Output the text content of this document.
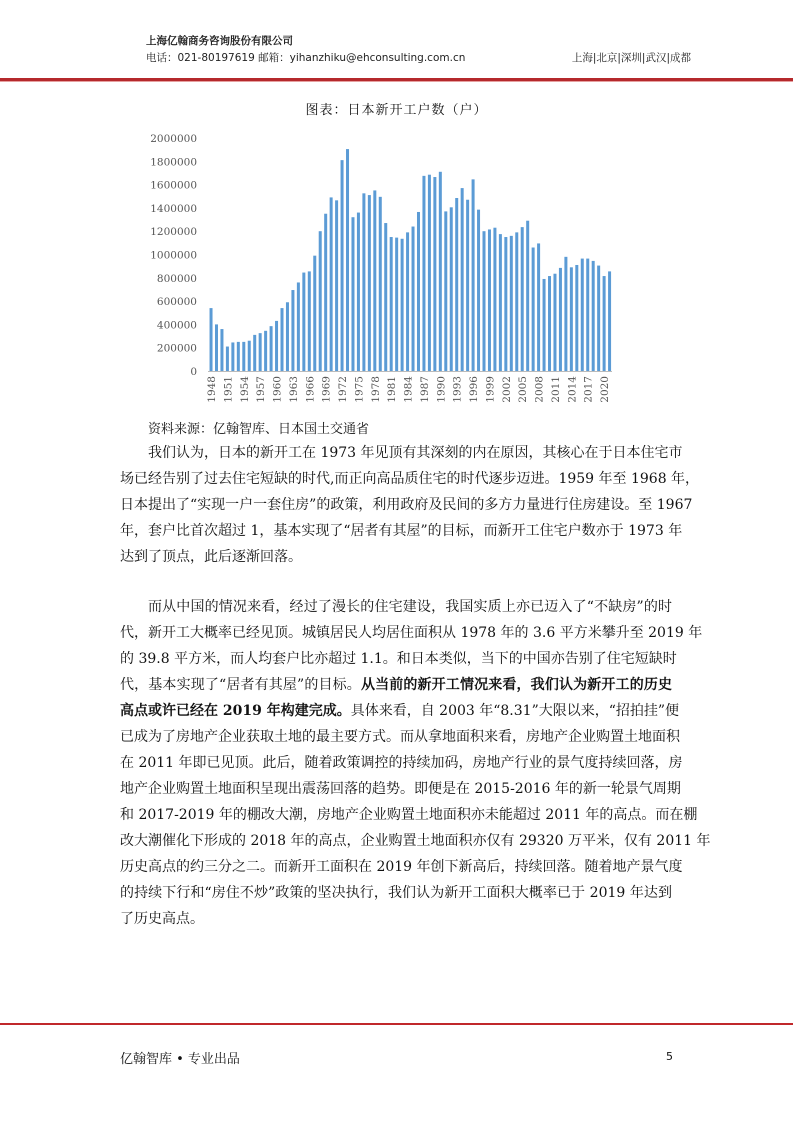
上海亿翰商务咨询股份有限公司
电话：021-80197619 邮箱：yihanzhiku@ehconsulting.com.cn	上海|北京|深圳|武汉|成都
图表：日本新开工户数（户）
0
200000
400000
600000
800000
1000000
1200000
1400000
1600000
1800000
2000000
1948 1951 1954 1957 1960 1963 1966 1969 1972 1975 1978 1981 1984 1987 1990 1993 1996 1999 2002 2005 2008 2011 2014 2017 2020
资料来源：亿翰智库、日本国土交通省
我们认为，日本的新开工在 1973 年见顶有其深刻的内在原因，其核心在于日本住宅市
场已经告别了过去住宅短缺的时代,而正向高品质住宅的时代逐步迈进。1959 年至 1968 年，
日本提出了“实现一户一套住房”的政策，利用政府及民间的多方力量进行住房建设。至 1967
年，套户比首次超过 1，基本实现了“居者有其屋”的目标，而新开工住宅户数亦于 1973 年
达到了顶点，此后逐渐回落。
而从中国的情况来看，经过了漫长的住宅建设，我国实质上亦已迈入了“不缺房”的时
代，新开工大概率已经见顶。城镇居民人均居住面积从 1978 年的 3.6 平方米攀升至 2019 年
的 39.8 平方米，而人均套户比亦超过 1.1。和日本类似，当下的中国亦告别了住宅短缺时
代，基本实现了“居者有其屋”的目标。从当前的新开工情况来看，我们认为新开工的历史
高点或许已经在 2019 年构建完成。具体来看，自 2003 年“8.31”大限以来，“招拍挂”便
已成为了房地产企业获取土地的最主要方式。而从拿地面积来看，房地产企业购置土地面积
在 2011 年即已见顶。此后，随着政策调控的持续加码，房地产行业的景气度持续回落，房
地产企业购置土地面积呈现出震荡回落的趋势。即便是在 2015-2016 年的新一轮景气周期
和 2017-2019 年的棚改大潮，房地产企业购置土地面积亦未能超过 2011 年的高点。而在棚
改大潮催化下形成的 2018 年的高点，企业购置土地面积亦仅有 29320 万平米，仅有 2011 年
历史高点的约三分之二。而新开工面积在 2019 年创下新高后，持续回落。随着地产景气度
的持续下行和“房住不炒”政策的坚决执行，我们认为新开工面积大概率已于 2019 年达到
了历史高点。
亿翰智库 • 专业出品	5
